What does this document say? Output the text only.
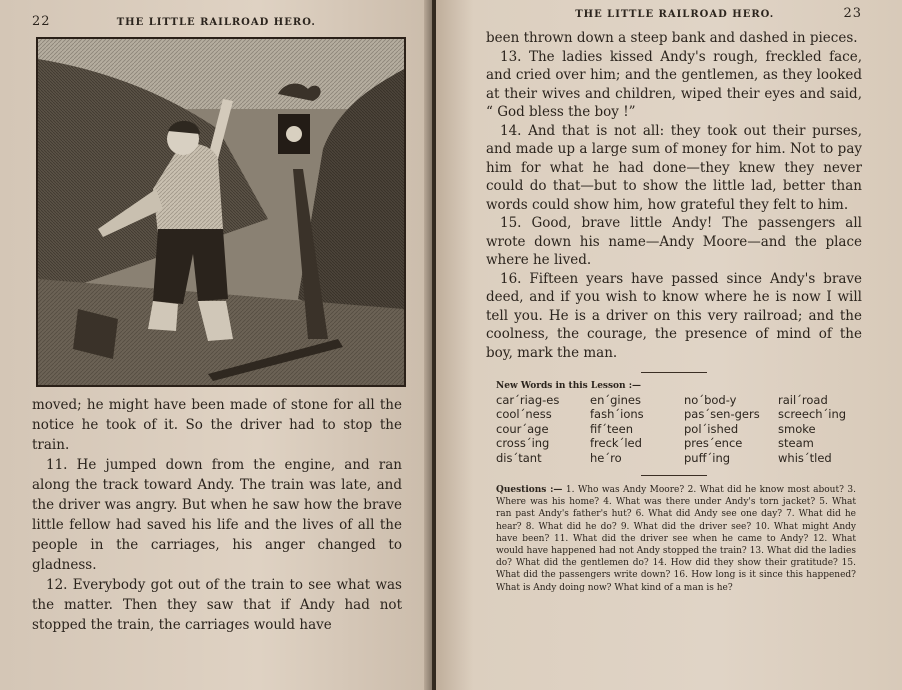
22	THE LITTLE RAILROAD HERO.

moved; he might have been made of stone for all the notice he took of it. So the driver had to stop the train.

11. He jumped down from the engine, and ran along the track toward Andy. The train was late, and the driver was angry. But when he saw how the brave little fellow had saved his life and the lives of all the people in the carriages, his anger changed to gladness.

12. Everybody got out of the train to see what was the matter. Then they saw that if Andy had not stopped the train, the carriages would have

THE LITTLE RAILROAD HERO.	23

been thrown down a steep bank and dashed in pieces.

13. The ladies kissed Andy's rough, freckled face, and cried over him; and the gentlemen, as they looked at their wives and children, wiped their eyes and said, “ God bless the boy !”

14. And that is not all: they took out their purses, and made up a large sum of money for him. Not to pay him for what he had done—they knew they never could do that—but to show the little lad, better than words could show him, how grateful they felt to him.

15. Good, brave little Andy! The passengers all wrote down his name—Andy Moore—and the place where he lived.

16. Fifteen years have passed since Andy's brave deed, and if you wish to know where he is now I will tell you. He is a driver on this very railroad; and the coolness, the courage, the presence of mind of the boy, mark the man.

New Words in this Lesson :—
car´riag-es	en´gines	no´bod-y	rail´road
cool´ness	fash´ions	pas´sen-gers	screech´ing
cour´age	fif´teen	pol´ished	smoke
cross´ing	freck´led	pres´ence	steam
dis´tant	he´ro	puff´ing	whis´tled
Questions :— 1. Who was Andy Moore? 2. What did he know most about? 3. Where was his home? 4. What was there under Andy's torn jacket? 5. What ran past Andy's father's hut? 6. What did Andy see one day? 7. What did he hear? 8. What did he do? 9. What did the driver see? 10. What might Andy have been? 11. What did the driver see when he came to Andy? 12. What would have happened had not Andy stopped the train? 13. What did the ladies do? What did the gentlemen do? 14. How did they show their gratitude? 15. What did the passengers write down? 16. How long is it since this happened? What is Andy doing now? What kind of a man is he?
